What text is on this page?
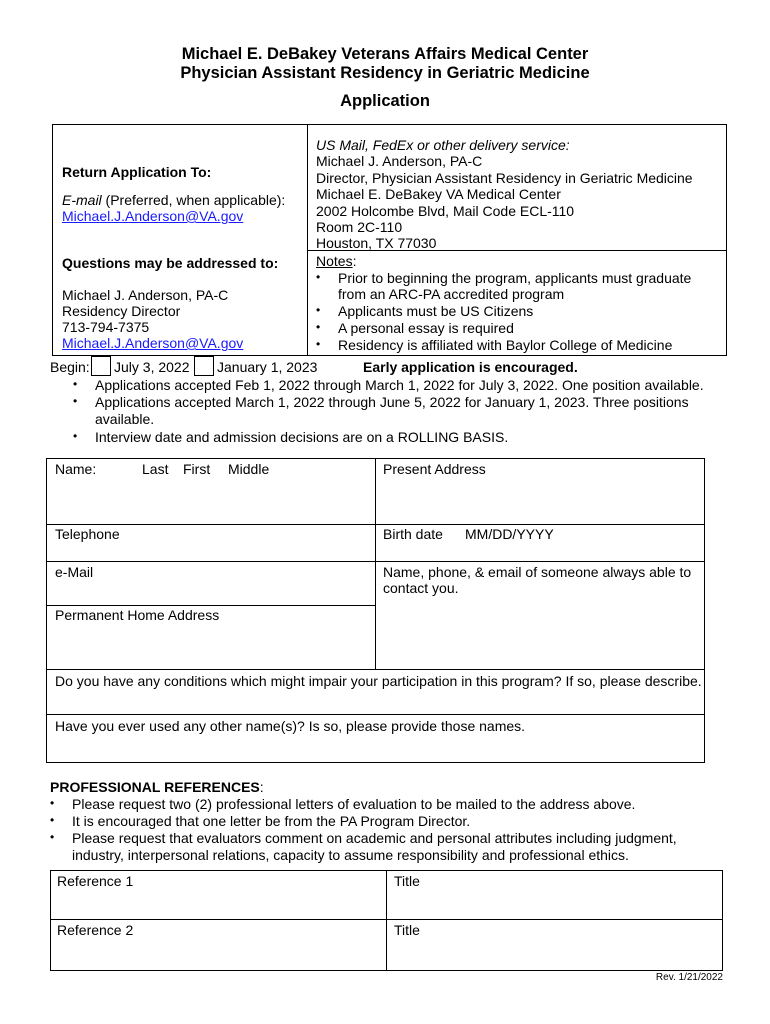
Michael E. DeBakey Veterans Affairs Medical Center
Physician Assistant Residency in Geriatric Medicine
Application
Return Application To:
E-mail (Preferred, when applicable):
Michael.J.Anderson@VA.gov
Questions may be addressed to:
Michael J. Anderson, PA-C
Residency Director
713-794-7375
Michael.J.Anderson@VA.gov
US Mail, FedEx or other delivery service:
Michael J. Anderson, PA-C
Director, Physician Assistant Residency in Geriatric Medicine
Michael E. DeBakey VA Medical Center
2002 Holcombe Blvd, Mail Code ECL-110
Room 2C-110
Houston, TX 77030
Notes:
• Prior to beginning the program, applicants must graduate
from an ARC-PA accredited program
• Applicants must be US Citizens
• A personal essay is required
• Residency is affiliated with Baylor College of Medicine
Begin: July 3, 2022 January 1, 2023	Early application is encouraged.
• Applications accepted Feb 1, 2022 through March 1, 2022 for July 3, 2022. One position available.
• Applications accepted March 1, 2022 through June 5, 2022 for January 1, 2023. Three positions
available.
• Interview date and admission decisions are on a ROLLING BASIS.
Name:	Last First Middle	Present Address
Telephone	Birth date MM/DD/YYYY
e-Mail	Name, phone, & email of someone always able to
contact you.
Permanent Home Address
Do you have any conditions which might impair your participation in this program? If so, please describe.
Have you ever used any other name(s)? Is so, please provide those names.
PROFESSIONAL REFERENCES:
• Please request two (2) professional letters of evaluation to be mailed to the address above.
• It is encouraged that one letter be from the PA Program Director.
• Please request that evaluators comment on academic and personal attributes including judgment,
industry, interpersonal relations, capacity to assume responsibility and professional ethics.
Reference 1	Title
Reference 2	Title
Rev. 1/21/2022
